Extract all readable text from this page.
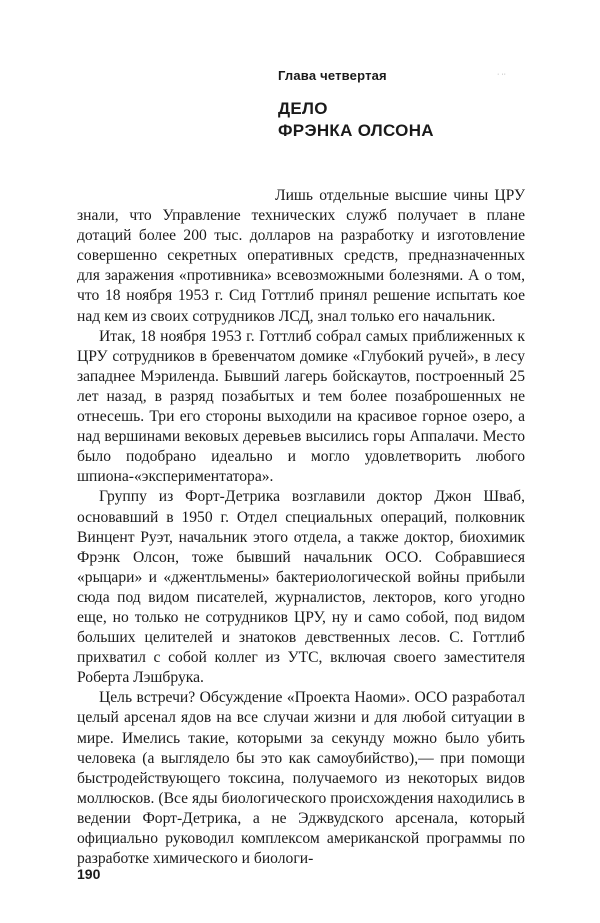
Глава четвертая	· ··
ДЕЛО
ФРЭНКА ОЛСОНА

Лишь отдельные высшие чины ЦРУ знали, что Управление технических служб получает в плане дотаций более 200 тыс. долларов на разработку и изготовление совершенно секретных оперативных средств, предназначенных для заражения «противника» всевозможными болезнями. А о том, что 18 ноября 1953 г. Сид Готтлиб принял решение испытать кое над кем из своих сотрудников ЛСД, знал только его начальник.

Итак, 18 ноября 1953 г. Готтлиб собрал самых приближенных к ЦРУ сотрудников в бревенчатом домике «Глубокий ручей», в лесу западнее Мэриленда. Бывший лагерь бойскаутов, построенный 25 лет назад, в разряд позабытых и тем более позаброшенных не отнесешь. Три его стороны выходили на красивое горное озеро, а над вершинами вековых деревьев высились горы Аппалачи. Место было подобрано идеально и могло удовлетворить любого шпиона-«экспериментатора».

Группу из Форт-Детрика возглавили доктор Джон Шваб, основавший в 1950 г. Отдел специальных операций, полковник Винцент Руэт, начальник этого отдела, а также доктор, биохимик Фрэнк Олсон, тоже бывший начальник ОСО. Собравшиеся «рыцари» и «джентльмены» бактериологической войны прибыли сюда под видом писателей, журналистов, лекторов, кого угодно еще, но только не сотрудников ЦРУ, ну и само собой, под видом больших целителей и знатоков девственных лесов. С. Готтлиб прихватил с собой коллег из УТС, включая своего заместителя Роберта Лэшбрука.

Цель встречи? Обсуждение «Проекта Наоми». ОСО разработал целый арсенал ядов на все случаи жизни и для любой ситуации в мире. Имелись такие, которыми за секунду можно было убить человека (а выглядело бы это как самоубийство),— при помощи быстродействующего токсина, получаемого из некоторых видов моллюсков. (Все яды биологического происхождения находились в ведении Форт-Детрика, а не Эджвудского арсенала, который официально руководил комплексом американской программы по разработке химического и биологи-

190
